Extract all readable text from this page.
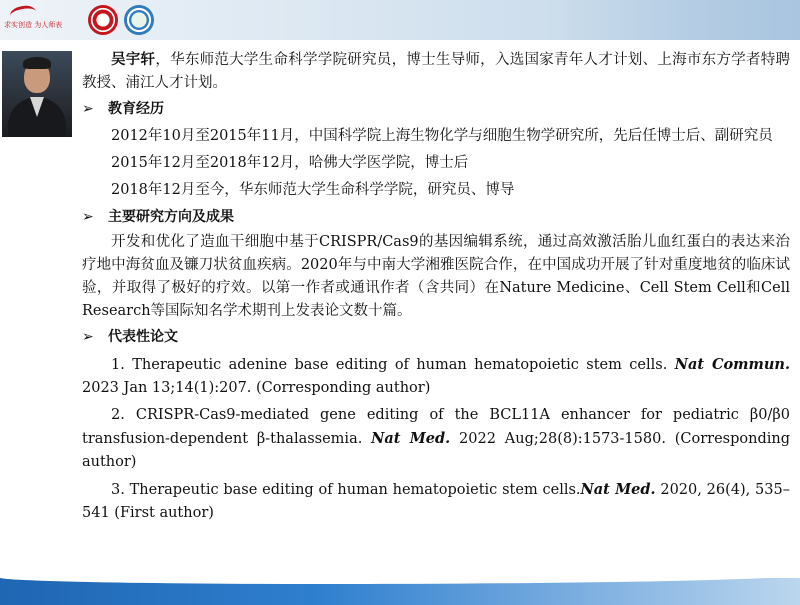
求实创造 为人师表

吴宇轩，华东师范大学生命科学学院研究员，博士生导师，入选国家青年人才计划、上海市东方学者特聘教授、浦江人才计划。

➢ 教育经历
2012年10月至2015年11月，中国科学院上海生物化学与细胞生物学研究所，先后任博士后、副研究员
2015年12月至2018年12月，哈佛大学医学院，博士后
2018年12月至今，华东师范大学生命科学学院，研究员、博导
➢ 主要研究方向及成果

开发和优化了造血干细胞中基于CRISPR/Cas9的基因编辑系统，通过高效激活胎儿血红蛋白的表达来治疗地中海贫血及镰刀状贫血疾病。2020年与中南大学湘雅医院合作，在中国成功开展了针对重度地贫的临床试验，并取得了极好的疗效。以第一作者或通讯作者（含共同）在Nature Medicine、Cell Stem Cell和Cell Research等国际知名学术期刊上发表论文数十篇。

➢ 代表性论文

1. Therapeutic adenine base editing of human hematopoietic stem cells. Nat Commun. 2023 Jan 13;14(1):207. (Corresponding author)

2. CRISPR-Cas9-mediated gene editing of the BCL11A enhancer for pediatric β0/β0 transfusion-dependent β-thalassemia. Nat Med. 2022 Aug;28(8):1573-1580. (Corresponding author)

3. Therapeutic base editing of human hematopoietic stem cells.Nat Med. 2020, 26(4), 535–541 (First author)
